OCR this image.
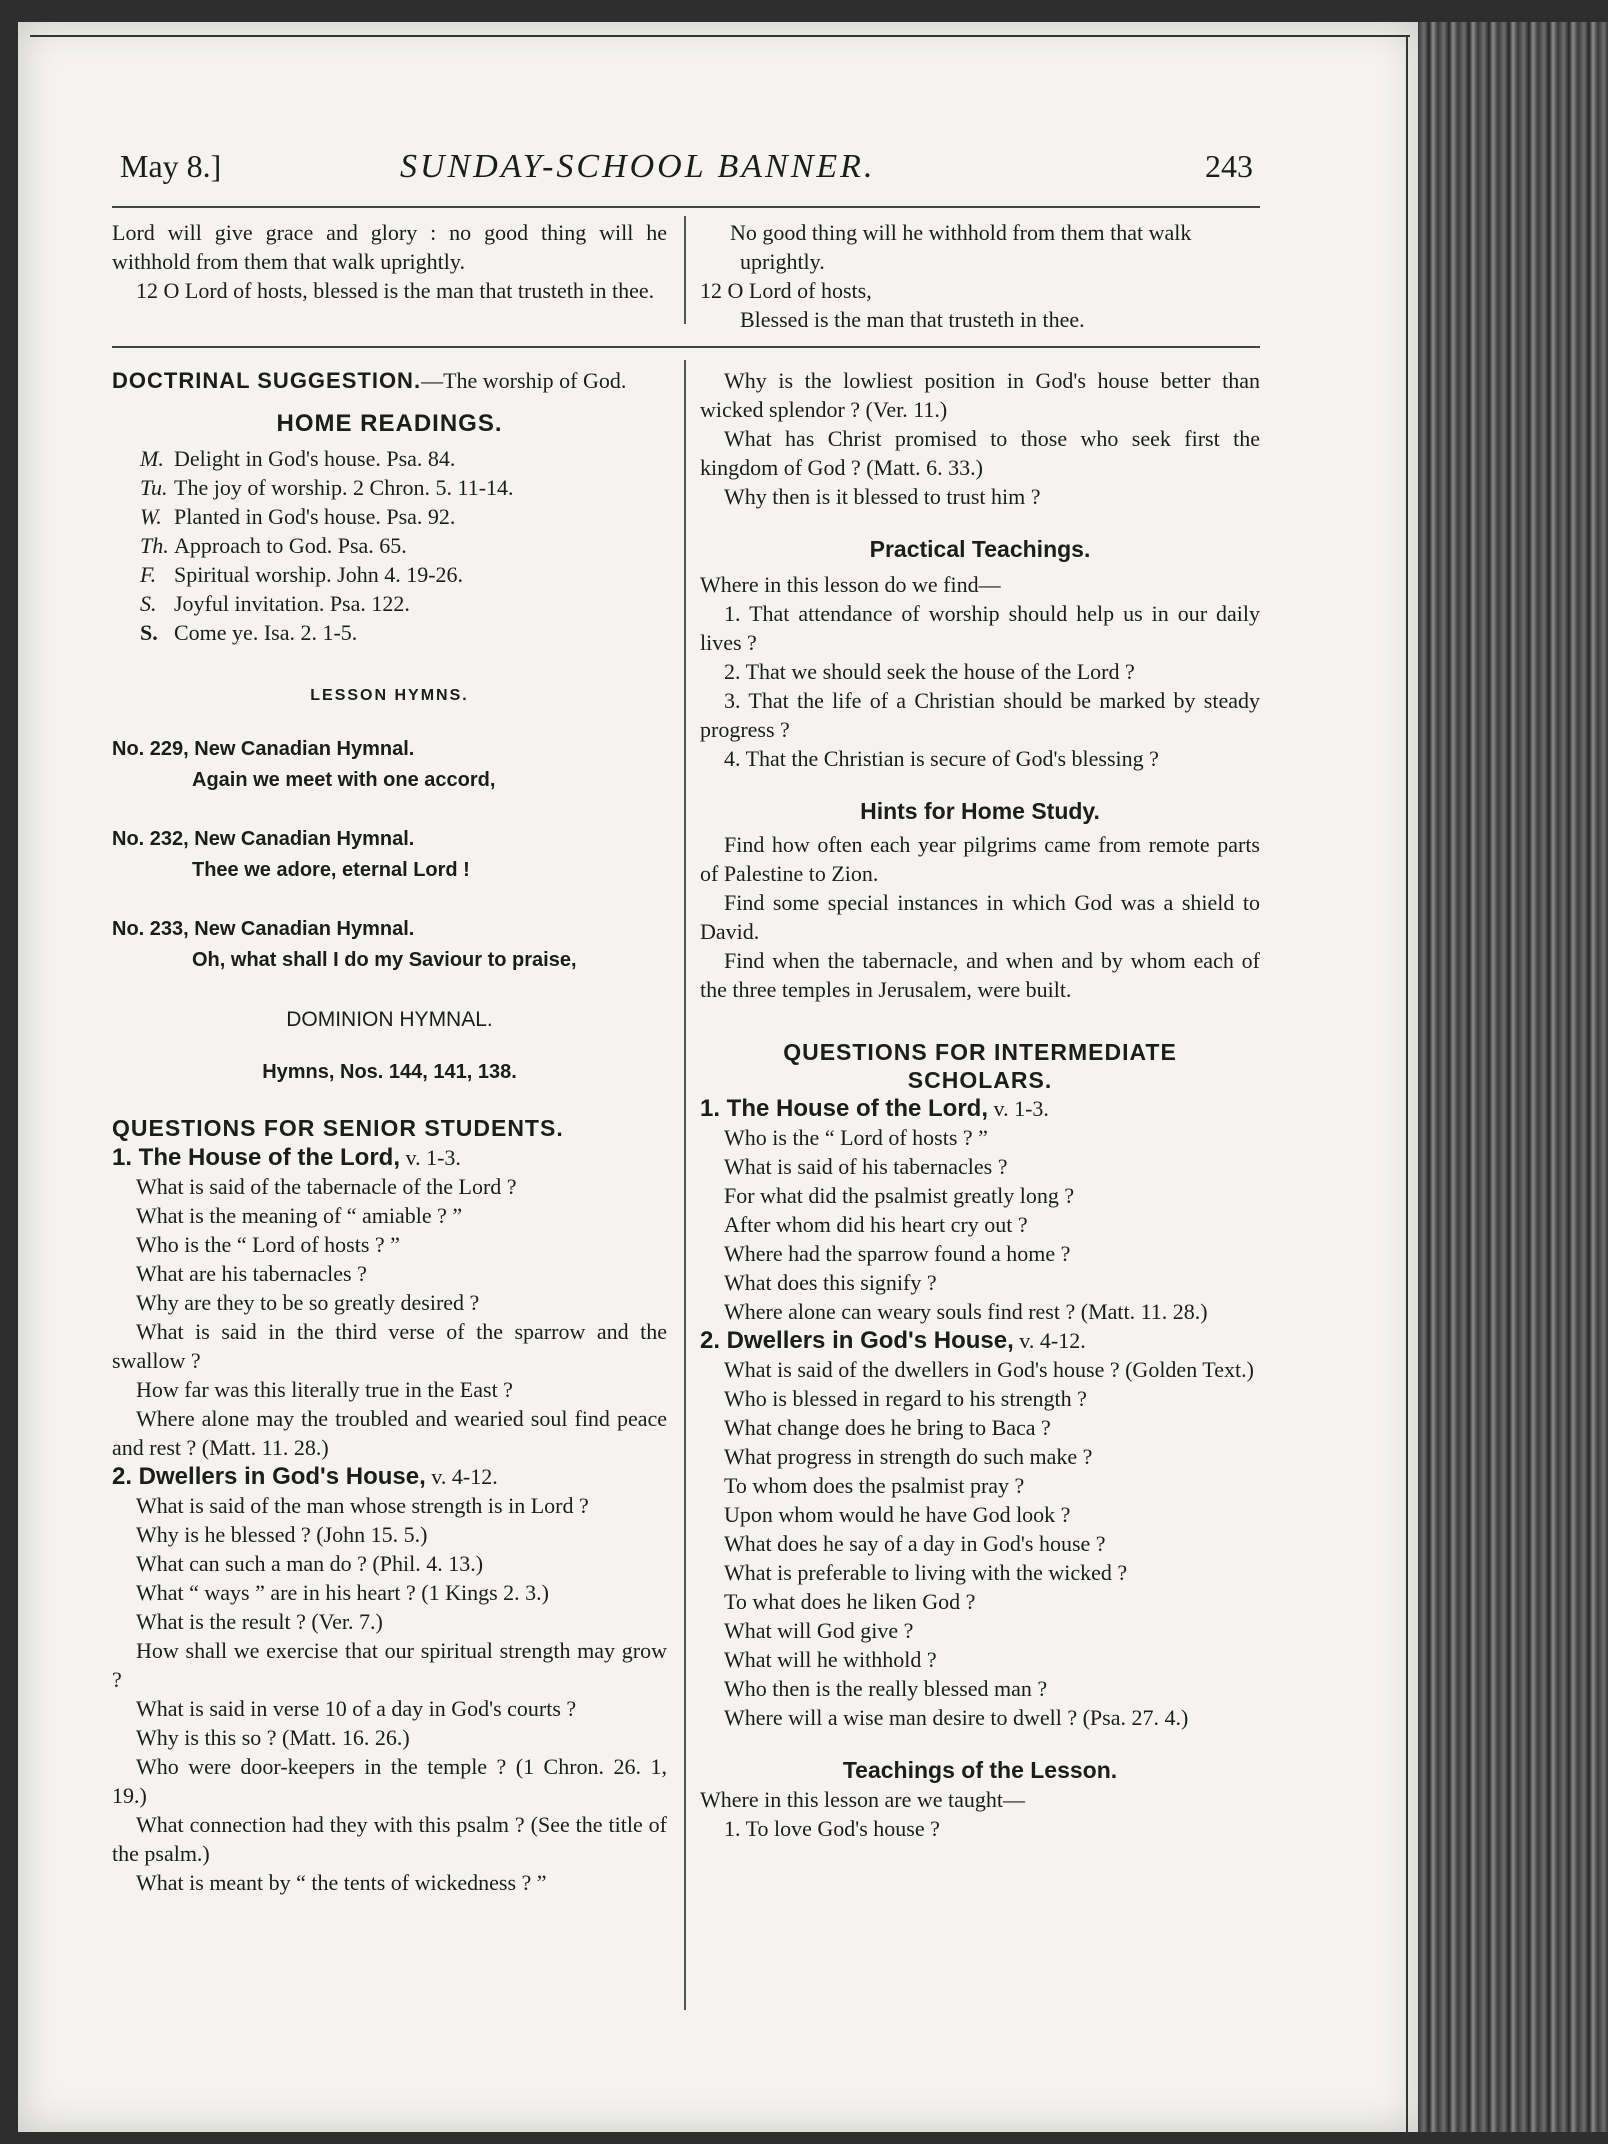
May 8.]	SUNDAY-SCHOOL BANNER.	243

Lord will give grace and glory : no good thing will he withhold from them that walk uprightly.

12 O Lord of hosts, blessed is the man that trusteth in thee.

No good thing will he withhold from them that walk uprightly.

12 O Lord of hosts,

Blessed is the man that trusteth in thee.

DOCTRINAL SUGGESTION.—The worship of God.

HOME READINGS.

M. Delight in God's house. Psa. 84.
Tu. The joy of worship. 2 Chron. 5. 11-14.
W. Planted in God's house. Psa. 92.
Th. Approach to God. Psa. 65.
F. Spiritual worship. John 4. 19-26.
S. Joyful invitation. Psa. 122.
S. Come ye. Isa. 2. 1-5.

LESSON HYMNS.

No. 229, New Canadian Hymnal.

Again we meet with one accord,

No. 232, New Canadian Hymnal.

Thee we adore, eternal Lord !

No. 233, New Canadian Hymnal.

Oh, what shall I do my Saviour to praise,

DOMINION HYMNAL.

Hymns, Nos. 144, 141, 138.

QUESTIONS FOR SENIOR STUDENTS.

1. The House of the Lord, v. 1-3.

What is said of the tabernacle of the Lord ?

What is the meaning of “ amiable ? ”

Who is the “ Lord of hosts ? ”

What are his tabernacles ?

Why are they to be so greatly desired ?

What is said in the third verse of the sparrow and the swallow ?

How far was this literally true in the East ?

Where alone may the troubled and wearied soul find peace and rest ? (Matt. 11. 28.)

2. Dwellers in God's House, v. 4-12.

What is said of the man whose strength is in Lord ?

Why is he blessed ? (John 15. 5.)

What can such a man do ? (Phil. 4. 13.)

What “ ways ” are in his heart ? (1 Kings 2. 3.)

What is the result ? (Ver. 7.)

How shall we exercise that our spiritual strength may grow ?

What is said in verse 10 of a day in God's courts ?

Why is this so ? (Matt. 16. 26.)

Who were door-keepers in the temple ? (1 Chron. 26. 1, 19.)

What connection had they with this psalm ? (See the title of the psalm.)

What is meant by “ the tents of wickedness ? ”

Why is the lowliest position in God's house better than wicked splendor ? (Ver. 11.)

What has Christ promised to those who seek first the kingdom of God ? (Matt. 6. 33.)

Why then is it blessed to trust him ?

Practical Teachings.

Where in this lesson do we find—

1. That attendance of worship should help us in our daily lives ?

2. That we should seek the house of the Lord ?

3. That the life of a Christian should be marked by steady progress ?

4. That the Christian is secure of God's blessing ?

Hints for Home Study.

Find how often each year pilgrims came from remote parts of Palestine to Zion.

Find some special instances in which God was a shield to David.

Find when the tabernacle, and when and by whom each of the three temples in Jerusalem, were built.

QUESTIONS FOR INTERMEDIATE

SCHOLARS.

1. The House of the Lord, v. 1-3.

Who is the “ Lord of hosts ? ”

What is said of his tabernacles ?

For what did the psalmist greatly long ?

After whom did his heart cry out ?

Where had the sparrow found a home ?

What does this signify ?

Where alone can weary souls find rest ? (Matt. 11. 28.)

2. Dwellers in God's House, v. 4-12.

What is said of the dwellers in God's house ? (Golden Text.)

Who is blessed in regard to his strength ?

What change does he bring to Baca ?

What progress in strength do such make ?

To whom does the psalmist pray ?

Upon whom would he have God look ?

What does he say of a day in God's house ?

What is preferable to living with the wicked ?

To what does he liken God ?

What will God give ?

What will he withhold ?

Who then is the really blessed man ?

Where will a wise man desire to dwell ? (Psa. 27. 4.)

Teachings of the Lesson.

Where in this lesson are we taught—

1. To love God's house ?
